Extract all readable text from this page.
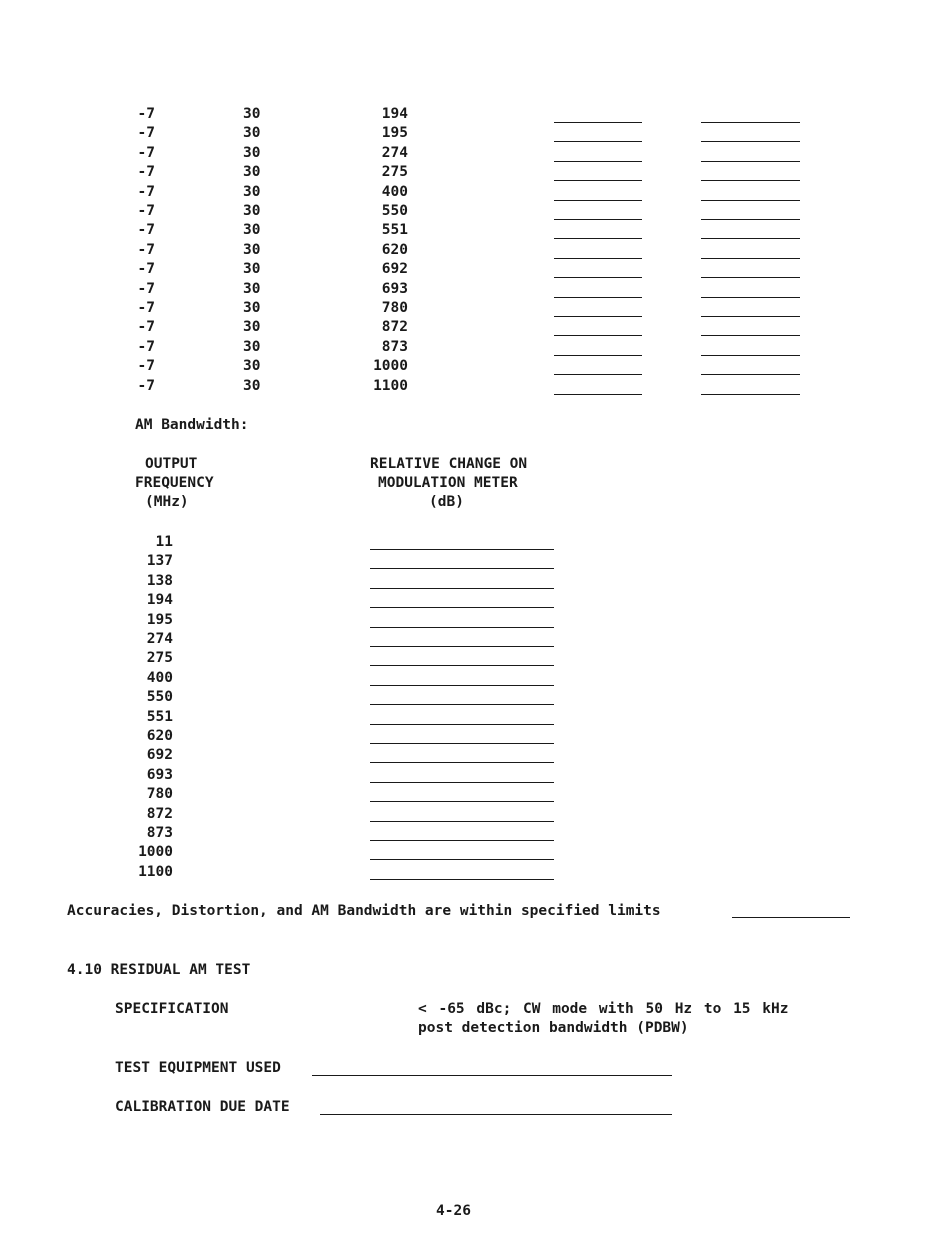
-7	30	194
-7	30	195
-7	30	274
-7	30	275
-7	30	400
-7	30	550
-7	30	551
-7	30	620
-7	30	692
-7	30	693
-7	30	780
-7	30	872
-7	30	873
-7	30	1000
-7	30	1100
AM Bandwidth:
OUTPUT
FREQUENCY
(MHz)
RELATIVE CHANGE ON
MODULATION METER
(dB)
11
137
138
194
195
274
275
400
550
551
620
692
693
780
872
873
1000
1100
Accuracies, Distortion, and AM Bandwidth are within specified limits
4.10 RESIDUAL AM TEST
SPECIFICATION	< -65 dBc; CW mode with 50 Hz to 15 kHz
post detection bandwidth (PDBW)
TEST EQUIPMENT USED
CALIBRATION DUE DATE
4-26
